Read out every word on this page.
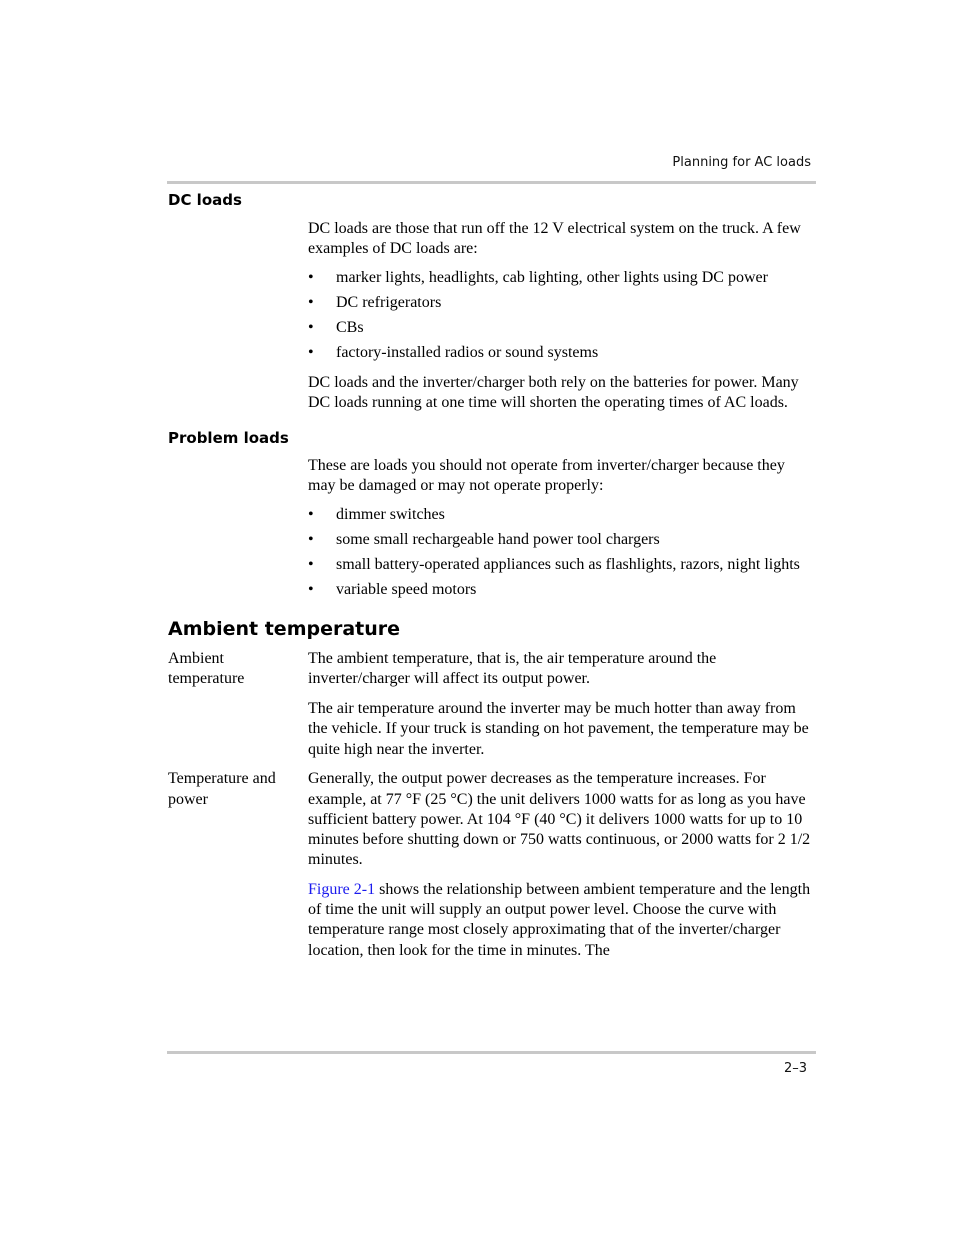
Planning for AC loads
DC loads

DC loads are those that run off the 12 V electrical system on the truck. A few examples of DC loads are:

• marker lights, headlights, cab lighting, other lights using DC power
• DC refrigerators
• CBs
• factory-installed radios or sound systems

DC loads and the inverter/charger both rely on the batteries for power. Many DC loads running at one time will shorten the operating times of AC loads.

Problem loads

These are loads you should not operate from inverter/charger because they may be damaged or may not operate properly:

• dimmer switches
• some small rechargeable hand power tool chargers
• small battery-operated appliances such as flashlights, razors, night lights
• variable speed motors
Ambient temperature
Ambient temperature

The ambient temperature, that is, the air temperature around the inverter/charger will affect its output power.

The air temperature around the inverter may be much hotter than away from the vehicle. If your truck is standing on hot pavement, the temperature may be quite high near the inverter.

Temperature and power

Generally, the output power decreases as the temperature increases. For example, at 77 °F (25 °C) the unit delivers 1000 watts for as long as you have sufficient battery power. At 104 °F (40 °C) it delivers 1000 watts for up to 10 minutes before shutting down or 750 watts continuous, or 2000 watts for 2 1/2 minutes.

Figure 2-1 shows the relationship between ambient temperature and the length of time the unit will supply an output power level. Choose the curve with temperature range most closely approximating that of the inverter/charger location, then look for the time in minutes. The

2–3
